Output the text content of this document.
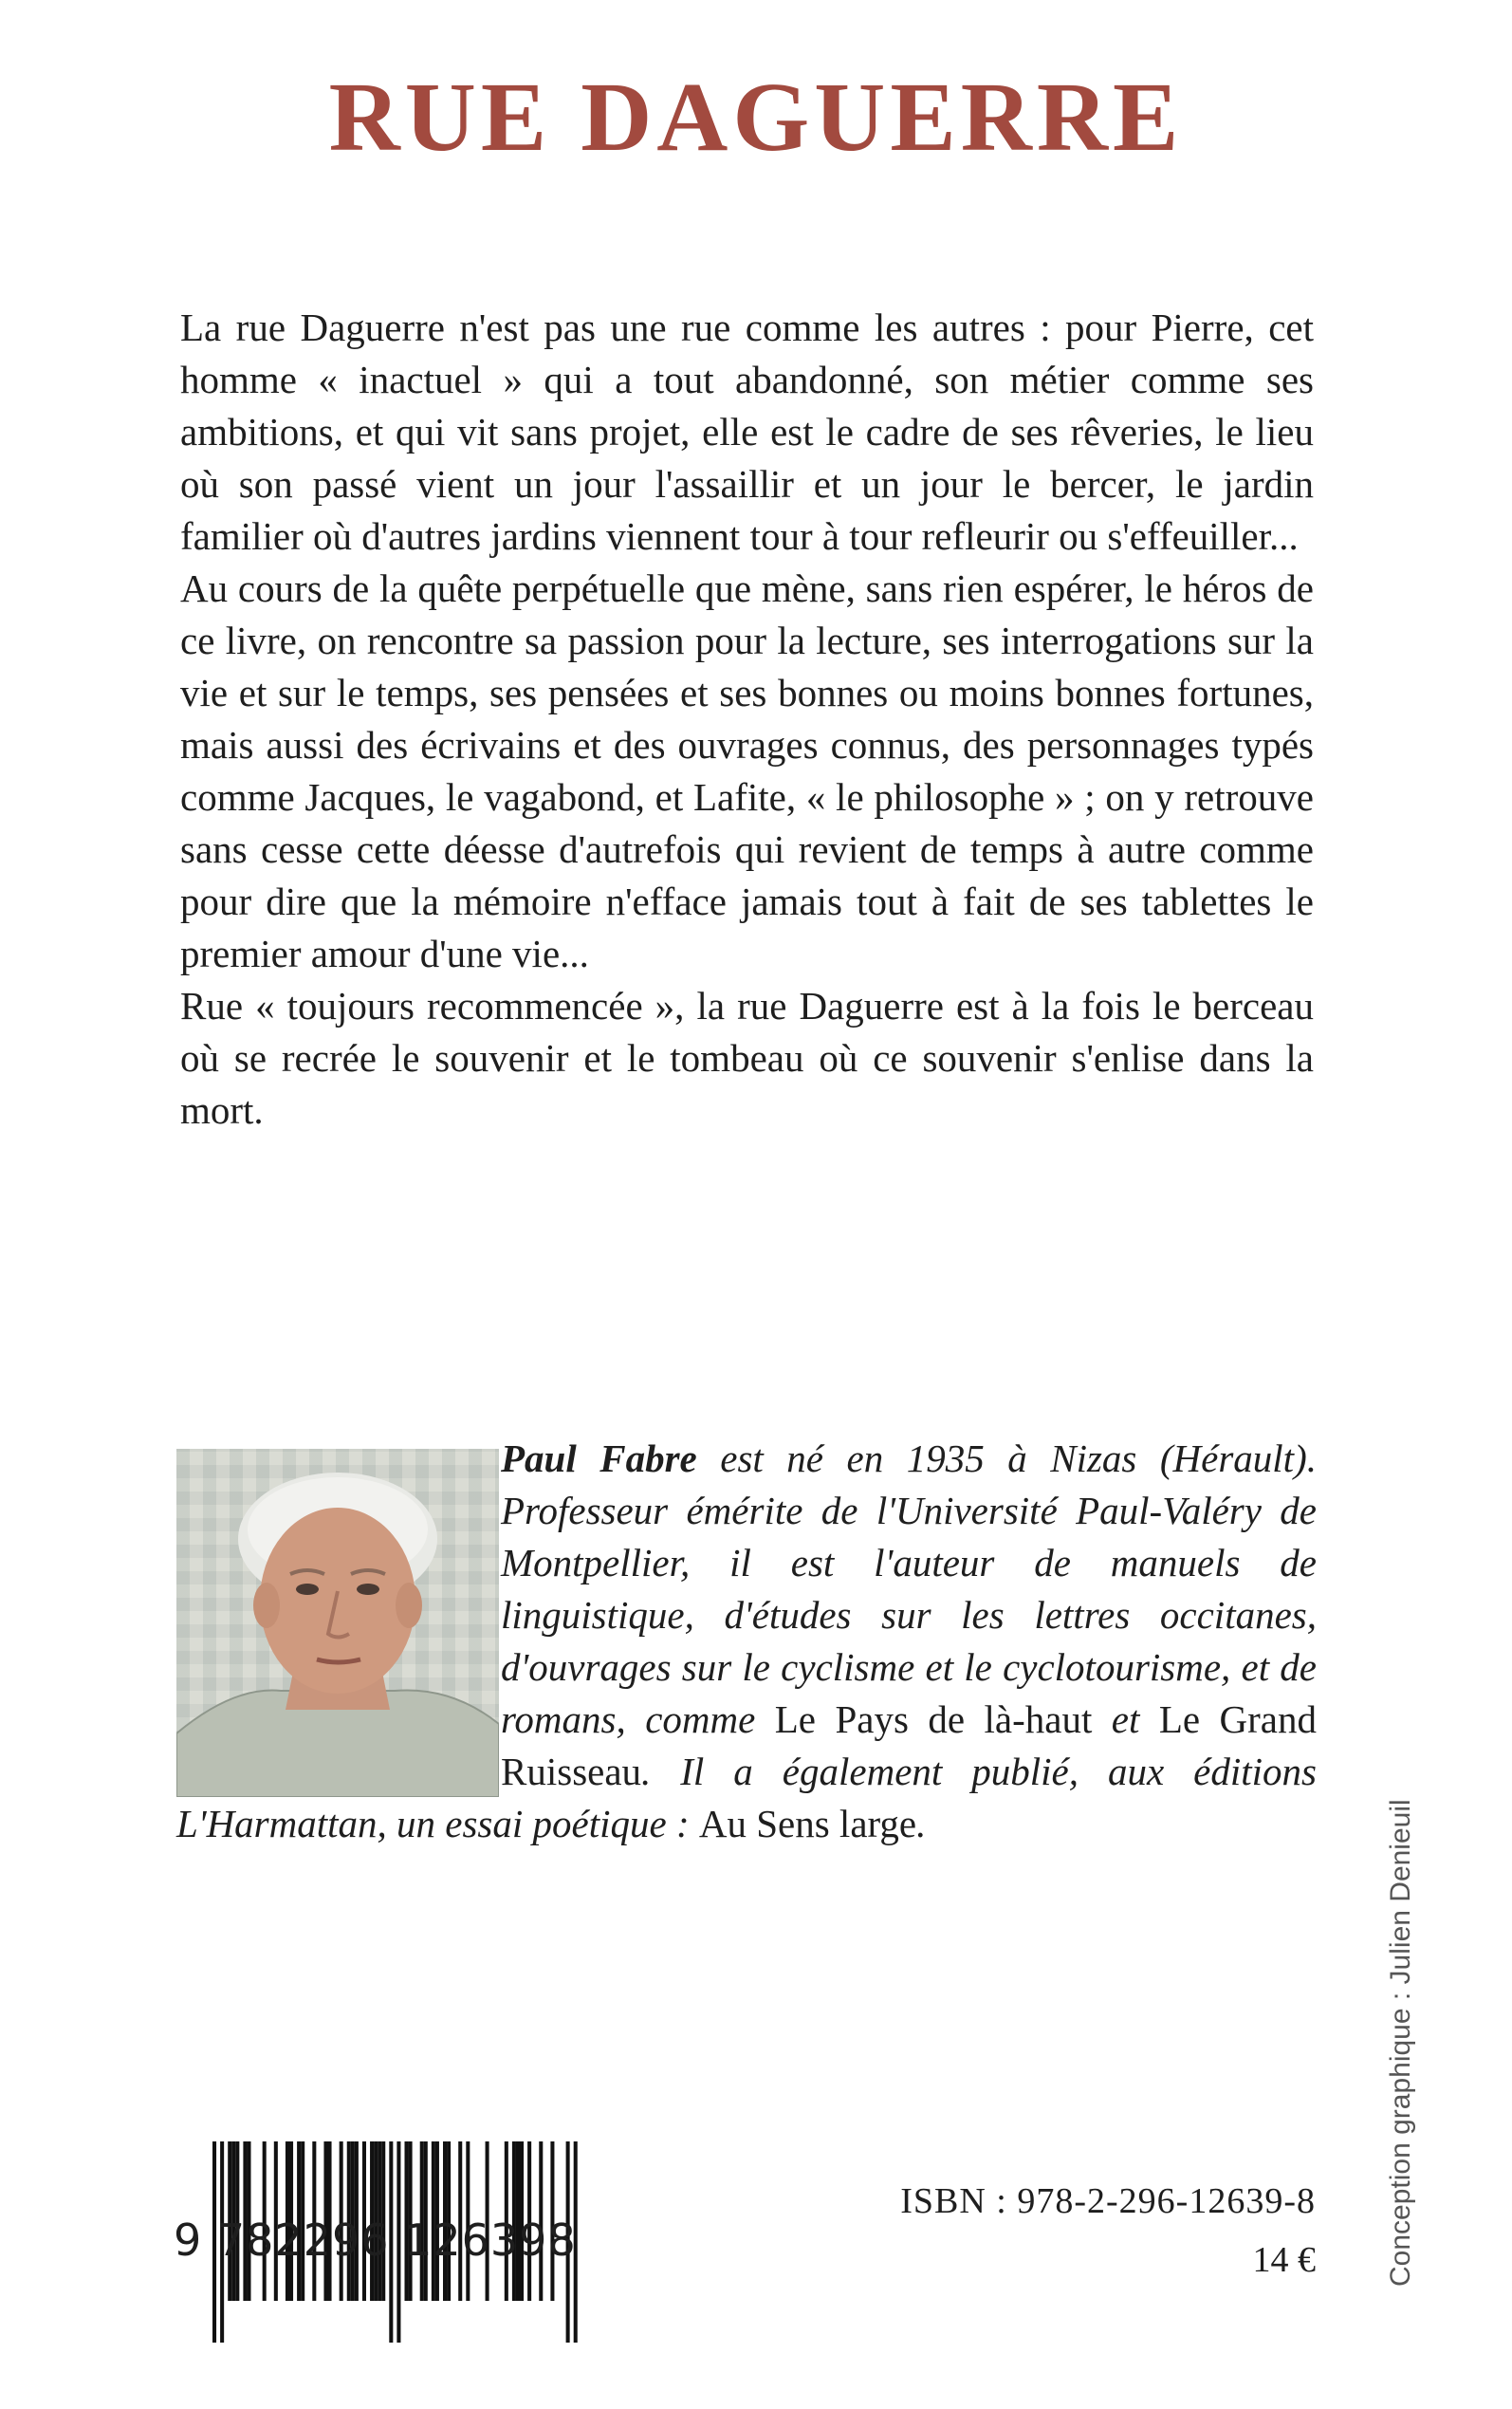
RUE DAGUERRE

La rue Daguerre n'est pas une rue comme les autres : pour Pierre, cet homme « inactuel » qui a tout abandonné, son métier comme ses ambitions, et qui vit sans projet, elle est le cadre de ses rêveries, le lieu où son passé vient un jour l'assaillir et un jour le bercer, le jardin familier où d'autres jardins viennent tour à tour refleurir ou s'effeuiller...

Au cours de la quête perpétuelle que mène, sans rien espérer, le héros de ce livre, on rencontre sa passion pour la lecture, ses interrogations sur la vie et sur le temps, ses pensées et ses bonnes ou moins bonnes fortunes, mais aussi des écrivains et des ouvrages connus, des personnages typés comme Jacques, le vagabond, et Lafite, « le philosophe » ; on y retrouve sans cesse cette déesse d'autrefois qui revient de temps à autre comme pour dire que la mémoire n'efface jamais tout à fait de ses tablettes le premier amour d'une vie...

Rue « toujours recommencée », la rue Daguerre est à la fois le berceau où se recrée le souvenir et le tombeau où ce souvenir s'enlise dans la mort.

Paul Fabre est né en 1935 à Nizas (Hérault). Professeur émérite de l'Université Paul-Valéry de Montpellier, il est l'auteur de manuels de linguistique, d'études sur les lettres occitanes, d'ouvrages sur le cyclisme et le cyclotourisme, et de romans, comme Le Pays de là-haut et Le Grand Ruisseau. Il a également publié, aux éditions L'Harmattan, un essai poétique : Au Sens large.
9 782296 126398
ISBN : 978-2-296-12639-8
14 € Conception graphique : Julien Denieuil
